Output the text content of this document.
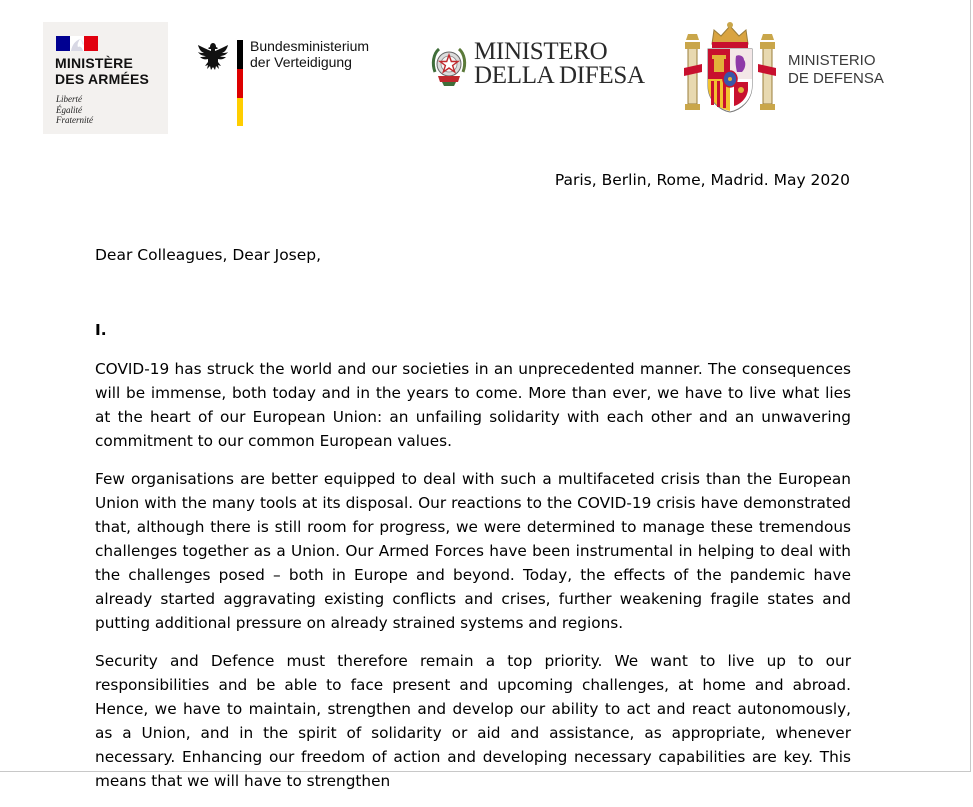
MINISTÈRE
DES ARMÉES
Liberté
Égalité
Fraternité
Bundesministerium
der Verteidigung	MINISTERO
DELLA DIFESA
MINISTERIO
DE DEFENSA
Paris, Berlin, Rome, Madrid. May 2020
Dear Colleagues, Dear Josep,
I.

COVID-19 has struck the world and our societies in an unprecedented manner. The consequences will be immense, both today and in the years to come. More than ever, we have to live what lies at the heart of our European Union: an unfailing solidarity with each other and an unwavering commitment to our common European values.

Few organisations are better equipped to deal with such a multifaceted crisis than the European Union with the many tools at its disposal. Our reactions to the COVID-19 crisis have demonstrated that, although there is still room for progress, we were determined to manage these tremendous challenges together as a Union. Our Armed Forces have been instrumental in helping to deal with the challenges posed – both in Europe and beyond. Today, the effects of the pandemic have already started aggravating existing conflicts and crises, further weakening fragile states and putting additional pressure on already strained systems and regions.

Security and Defence must therefore remain a top priority. We want to live up to our responsibilities and be able to face present and upcoming challenges, at home and abroad. Hence, we have to maintain, strengthen and develop our ability to act and react autonomously, as a Union, and in the spirit of solidarity or aid and assistance, as appropriate, whenever necessary. Enhancing our freedom of action and developing necessary capabilities are key. This means that we will have to strengthen
